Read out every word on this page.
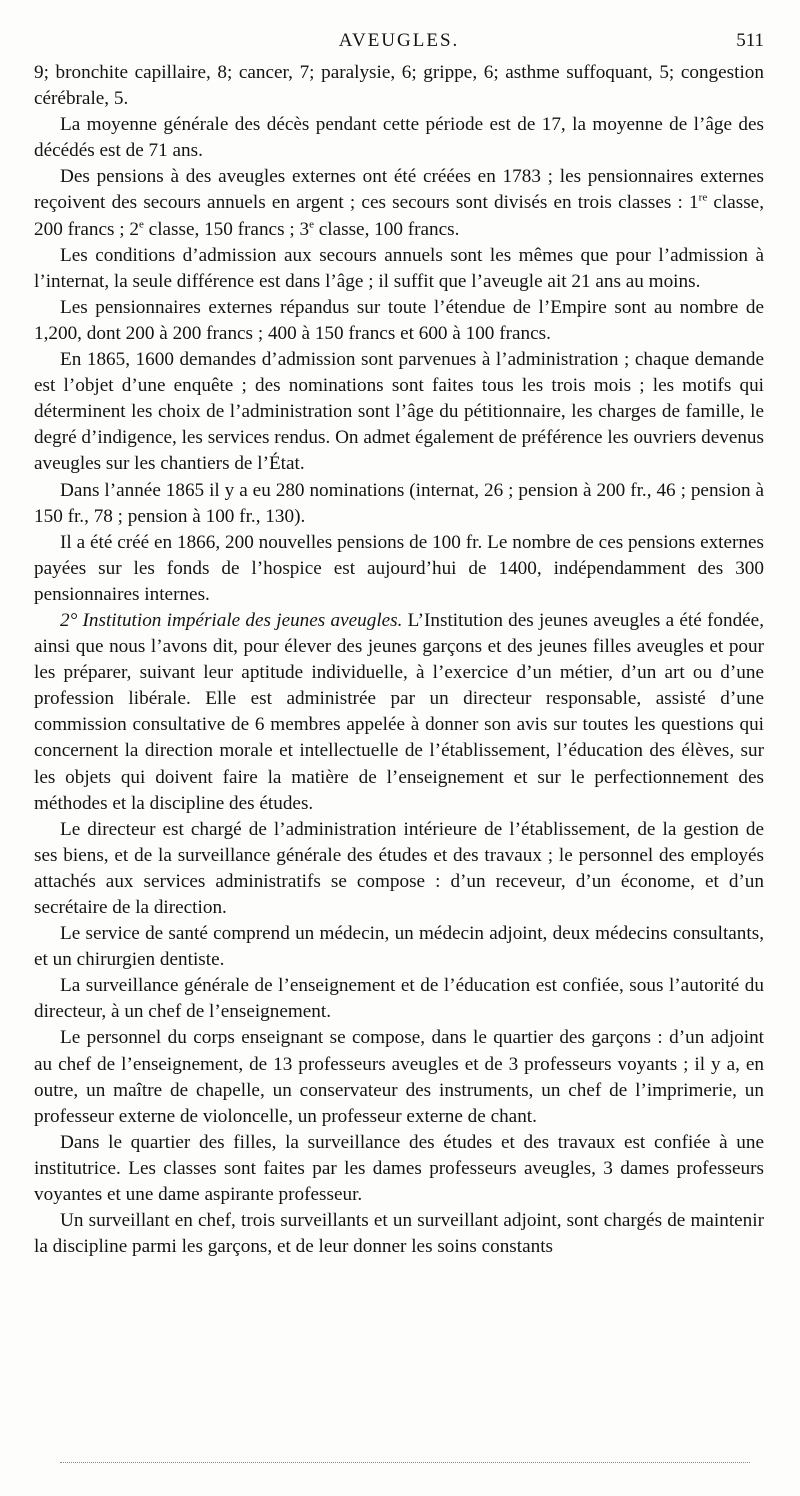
AVEUGLES.	511

9; bronchite capillaire, 8; cancer, 7; paralysie, 6; grippe, 6; asthme suffoquant, 5; congestion cérébrale, 5.

La moyenne générale des décès pendant cette période est de 17, la moyenne de l’âge des décédés est de 71 ans.

Des pensions à des aveugles externes ont été créées en 1783 ; les pensionnaires externes reçoivent des secours annuels en argent ; ces secours sont divisés en trois classes : 1re classe, 200 francs ; 2e classe, 150 francs ; 3e classe, 100 francs.

Les conditions d’admission aux secours annuels sont les mêmes que pour l’admission à l’internat, la seule différence est dans l’âge ; il suffit que l’aveugle ait 21 ans au moins.

Les pensionnaires externes répandus sur toute l’étendue de l’Empire sont au nombre de 1,200, dont 200 à 200 francs ; 400 à 150 francs et 600 à 100 francs.

En 1865, 1600 demandes d’admission sont parvenues à l’administration ; chaque demande est l’objet d’une enquête ; des nominations sont faites tous les trois mois ; les motifs qui déterminent les choix de l’administration sont l’âge du pétitionnaire, les charges de famille, le degré d’indigence, les services rendus. On admet également de préférence les ouvriers devenus aveugles sur les chantiers de l’État.

Dans l’année 1865 il y a eu 280 nominations (internat, 26 ; pension à 200 fr., 46 ; pension à 150 fr., 78 ; pension à 100 fr., 130).

Il a été créé en 1866, 200 nouvelles pensions de 100 fr. Le nombre de ces pensions externes payées sur les fonds de l’hospice est aujourd’hui de 1400, indépendamment des 300 pensionnaires internes.

2° Institution impériale des jeunes aveugles. L’Institution des jeunes aveugles a été fondée, ainsi que nous l’avons dit, pour élever des jeunes garçons et des jeunes filles aveugles et pour les préparer, suivant leur aptitude individuelle, à l’exercice d’un métier, d’un art ou d’une profession libérale. Elle est administrée par un directeur responsable, assisté d’une commission consultative de 6 membres appelée à donner son avis sur toutes les questions qui concernent la direction morale et intellectuelle de l’établissement, l’éducation des élèves, sur les objets qui doivent faire la matière de l’enseignement et sur le perfectionnement des méthodes et la discipline des études.

Le directeur est chargé de l’administration intérieure de l’établissement, de la gestion de ses biens, et de la surveillance générale des études et des travaux ; le personnel des employés attachés aux services administratifs se compose : d’un receveur, d’un économe, et d’un secrétaire de la direction.

Le service de santé comprend un médecin, un médecin adjoint, deux médecins consultants, et un chirurgien dentiste.

La surveillance générale de l’enseignement et de l’éducation est confiée, sous l’autorité du directeur, à un chef de l’enseignement.

Le personnel du corps enseignant se compose, dans le quartier des garçons : d’un adjoint au chef de l’enseignement, de 13 professeurs aveugles et de 3 professeurs voyants ; il y a, en outre, un maître de chapelle, un conservateur des instruments, un chef de l’imprimerie, un professeur externe de violoncelle, un professeur externe de chant.

Dans le quartier des filles, la surveillance des études et des travaux est confiée à une institutrice. Les classes sont faites par les dames professeurs aveugles, 3 dames professeurs voyantes et une dame aspirante professeur.

Un surveillant en chef, trois surveillants et un surveillant adjoint, sont chargés de maintenir la discipline parmi les garçons, et de leur donner les soins constants
